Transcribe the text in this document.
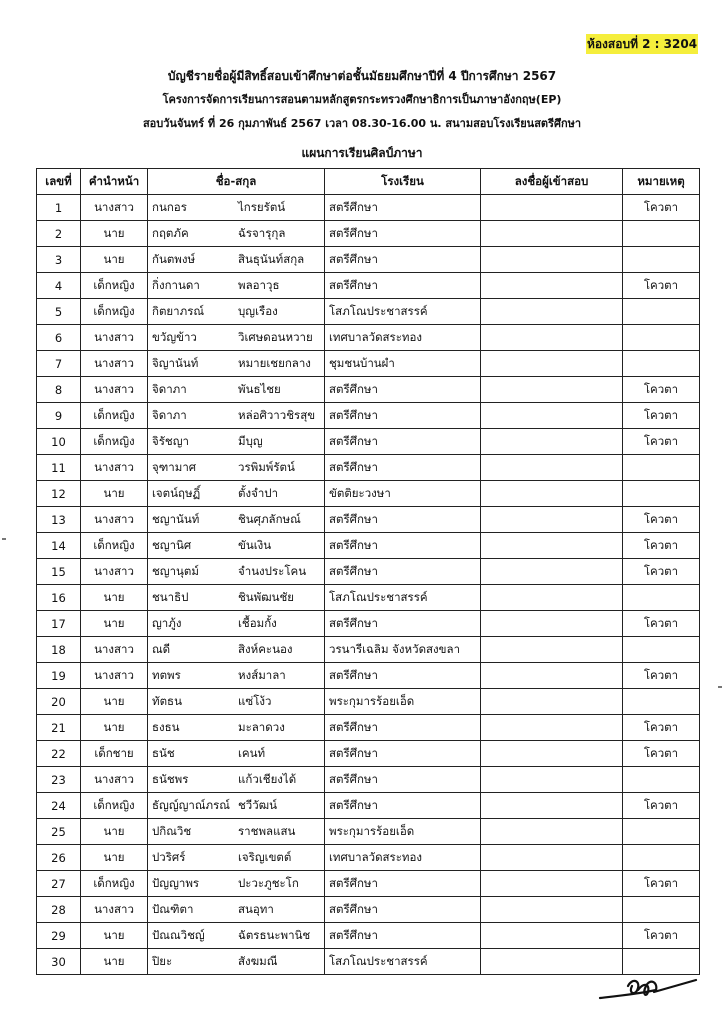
ห้องสอบที่ 2 : 3204
บัญชีรายชื่อผู้มีสิทธิ์สอบเข้าศึกษาต่อชั้นมัธยมศึกษาปีที่ 4 ปีการศึกษา 2567
โครงการจัดการเรียนการสอนตามหลักสูตรกระทรวงศึกษาธิการเป็นภาษาอังกฤษ(EP)
สอบวันจันทร์ ที่ 26 กุมภาพันธ์ 2567 เวลา 08.30-16.00 น. สนามสอบโรงเรียนสตรีศึกษา
แผนการเรียนศิลป์ภาษา
เลขที่	คำนำหน้า	ชื่อ-สกุล	โรงเรียน	ลงชื่อผู้เข้าสอบ	หมายเหตุ
1	นางสาว	กนกอร ไกรยรัตน์	สตรีศึกษา		โควตา
2	นาย	กฤตภัค ฉัรจารุกุล	สตรีศึกษา		
3	นาย	กันตพงษ์ สินธุนันท์สกุล	สตรีศึกษา		
4	เด็กหญิง	กิ่งกานดา พลอาวุธ	สตรีศึกษา		โควตา
5	เด็กหญิง	กิตยาภรณ์ บุญเรือง	โสภโณประชาสรรค์		
6	นางสาว	ขวัญข้าว วิเศษดอนหวาย	เทศบาลวัดสระทอง		
7	นางสาว	จิญานันท์ หมายเชยกลาง	ชุมชนบ้านผำ		
8	นางสาว	จิดาภา พันธไชย	สตรีศึกษา		โควตา
9	เด็กหญิง	จิดาภา หล่อศิวาวชิรสุข	สตรีศึกษา		โควตา
10	เด็กหญิง	จิรัชญา มีบุญ	สตรีศึกษา		โควตา
11	นางสาว	จุฑามาศ วรพิมพ์รัตน์	สตรีศึกษา		
12	นาย	เจตน์ฤษฏิ์ ตั้งจำปา	ขัตติยะวงษา		
13	นางสาว	ชญานันท์ ชินศุภลักษณ์	สตรีศึกษา		โควตา
14	เด็กหญิง	ชญานิศ ขันเงิน	สตรีศึกษา		โควตา
15	นางสาว	ชญานุตม์ จำนงประโคน	สตรีศึกษา		โควตา
16	นาย	ชนาธิป ชินพัฒนชัย	โสภโณประชาสรรค์		
17	นาย	ญาภู้ง เชื้อมกั้ง	สตรีศึกษา		โควตา
18	นางสาว	ณดี สิงห์คะนอง	วรนารีเฉลิม จังหวัดสงขลา		
19	นางสาว	ทตพร หงส์มาลา	สตรีศึกษา		โควตา
20	นาย	ทัตธน แซ่โง้ว	พระกุมารร้อยเอ็ด		
21	นาย	ธงธน มะลาดวง	สตรีศึกษา		โควตา
22	เด็กชาย	ธนัช เคนท์	สตรีศึกษา		โควตา
23	นางสาว	ธนัชพร แก้วเชียงได้	สตรีศึกษา		
24	เด็กหญิง	ธัญญ์ญาณ์ภรณ์ ชวีวัฒน์	สตรีศึกษา		โควตา
25	นาย	ปกิณวิช ราชพลแสน	พระกุมารร้อยเอ็ด		
26	นาย	ปวริศร์ เจริญเขตต์	เทศบาลวัดสระทอง		
27	เด็กหญิง	ปัญญาพร ปะวะภูชะโก	สตรีศึกษา		โควตา
28	นางสาว	ปัณฑิตา สนอุทา	สตรีศึกษา		
29	นาย	ปัณณวิชญ์ ฉัตรธนะพานิช	สตรีศึกษา		โควตา
30	นาย	ปิยะ สังฆมณี	โสภโณประชาสรรค์		
